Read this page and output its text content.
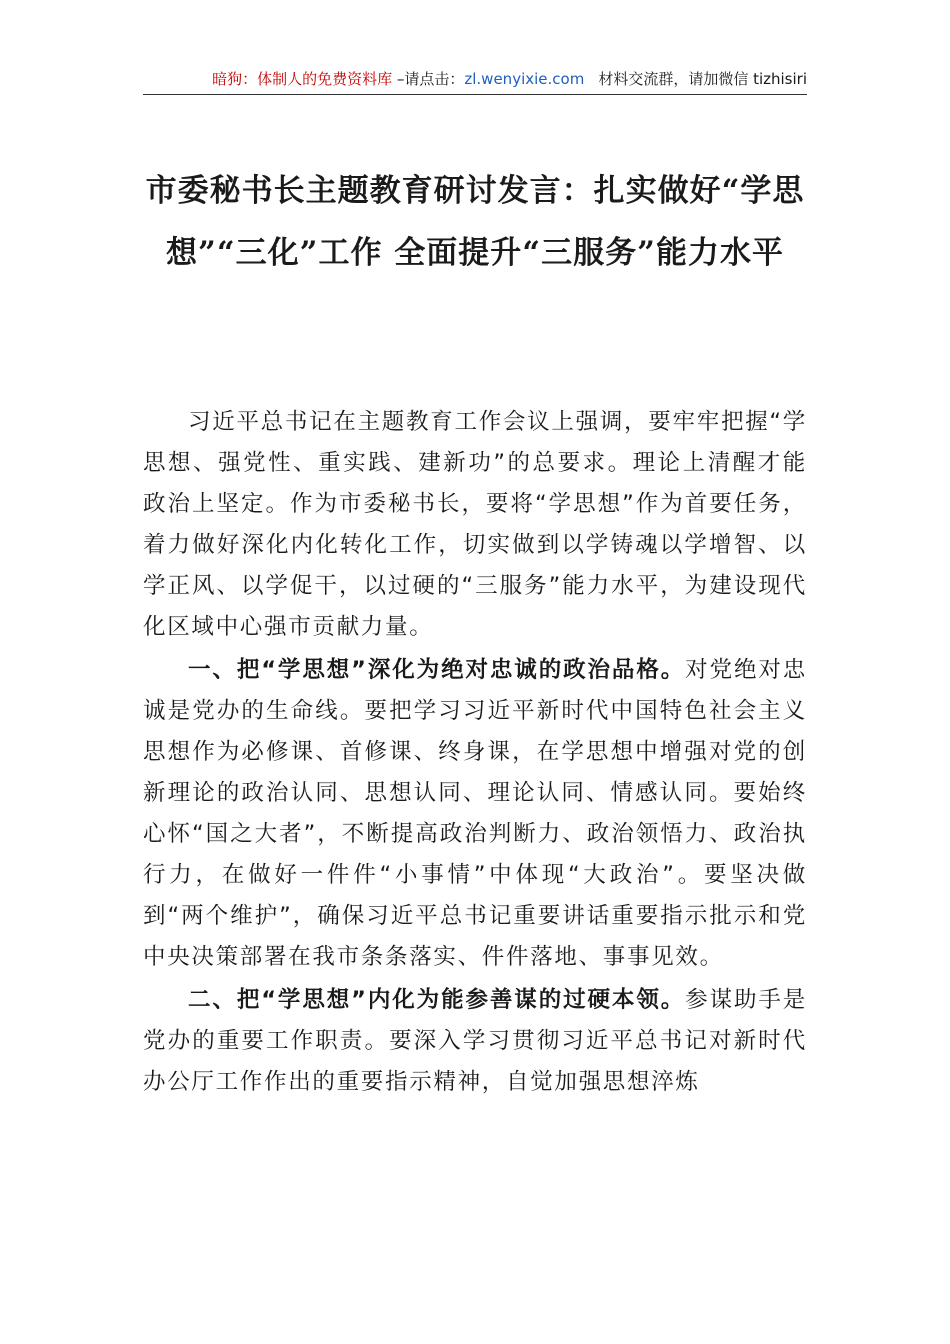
暗狗：体制人的免费资料库 –请点击：zl.wenyixie.com 材料交流群，请加微信 tizhisiri
市委秘书长主题教育研讨发言：扎实做好“学思想”“三化”工作 全面提升“三服务”能力水平

习近平总书记在主题教育工作会议上强调，要牢牢把握“学思想、强党性、重实践、建新功”的总要求。理论上清醒才能政治上坚定。作为市委秘书长，要将“学思想”作为首要任务，着力做好深化内化转化工作，切实做到以学铸魂以学增智、以学正风、以学促干，以过硬的“三服务”能力水平，为建设现代化区域中心强市贡献力量。

一、把“学思想”深化为绝对忠诚的政治品格。对党绝对忠诚是党办的生命线。要把学习习近平新时代中国特色社会主义思想作为必修课、首修课、终身课，在学思想中增强对党的创新理论的政治认同、思想认同、理论认同、情感认同。要始终心怀“国之大者”，不断提高政治判断力、政治领悟力、政治执行力，在做好一件件“小事情”中体现“大政治”。要坚决做到“两个维护”，确保习近平总书记重要讲话重要指示批示和党中央决策部署在我市条条落实、件件落地、事事见效。

二、把“学思想”内化为能参善谋的过硬本领。参谋助手是党办的重要工作职责。要深入学习贯彻习近平总书记对新时代办公厅工作作出的重要指示精神，自觉加强思想淬炼
